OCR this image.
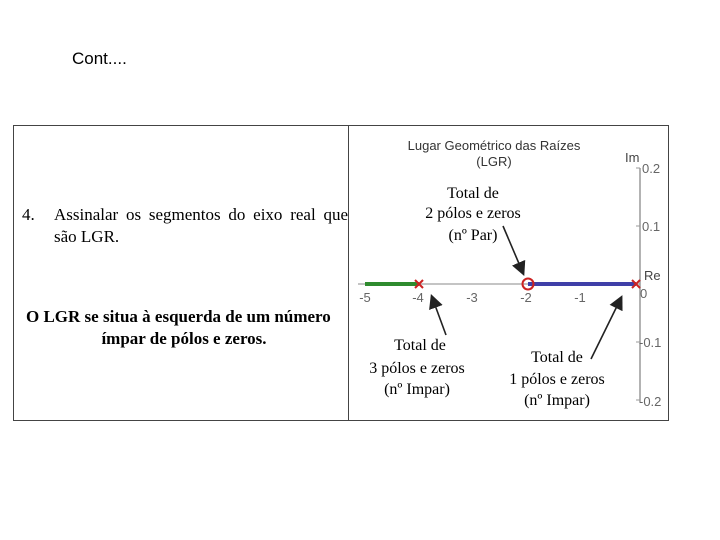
Cont....
4. Assinalar os segmentos do eixo real que são LGR.
O LGR se situa à esquerda de um número
ímpar de pólos e zeros.
Lugar Geométrico das Raízes
(LGR)	Im
Re
0.2
0.1
0
-0.1
-0.2
-5	-4	-3	-2	-1
Total de
2 pólos e zeros
(nº Par)
Total de
3 pólos e zeros
(nº Impar)
Total de
1 pólos e zeros
(nº Impar)
